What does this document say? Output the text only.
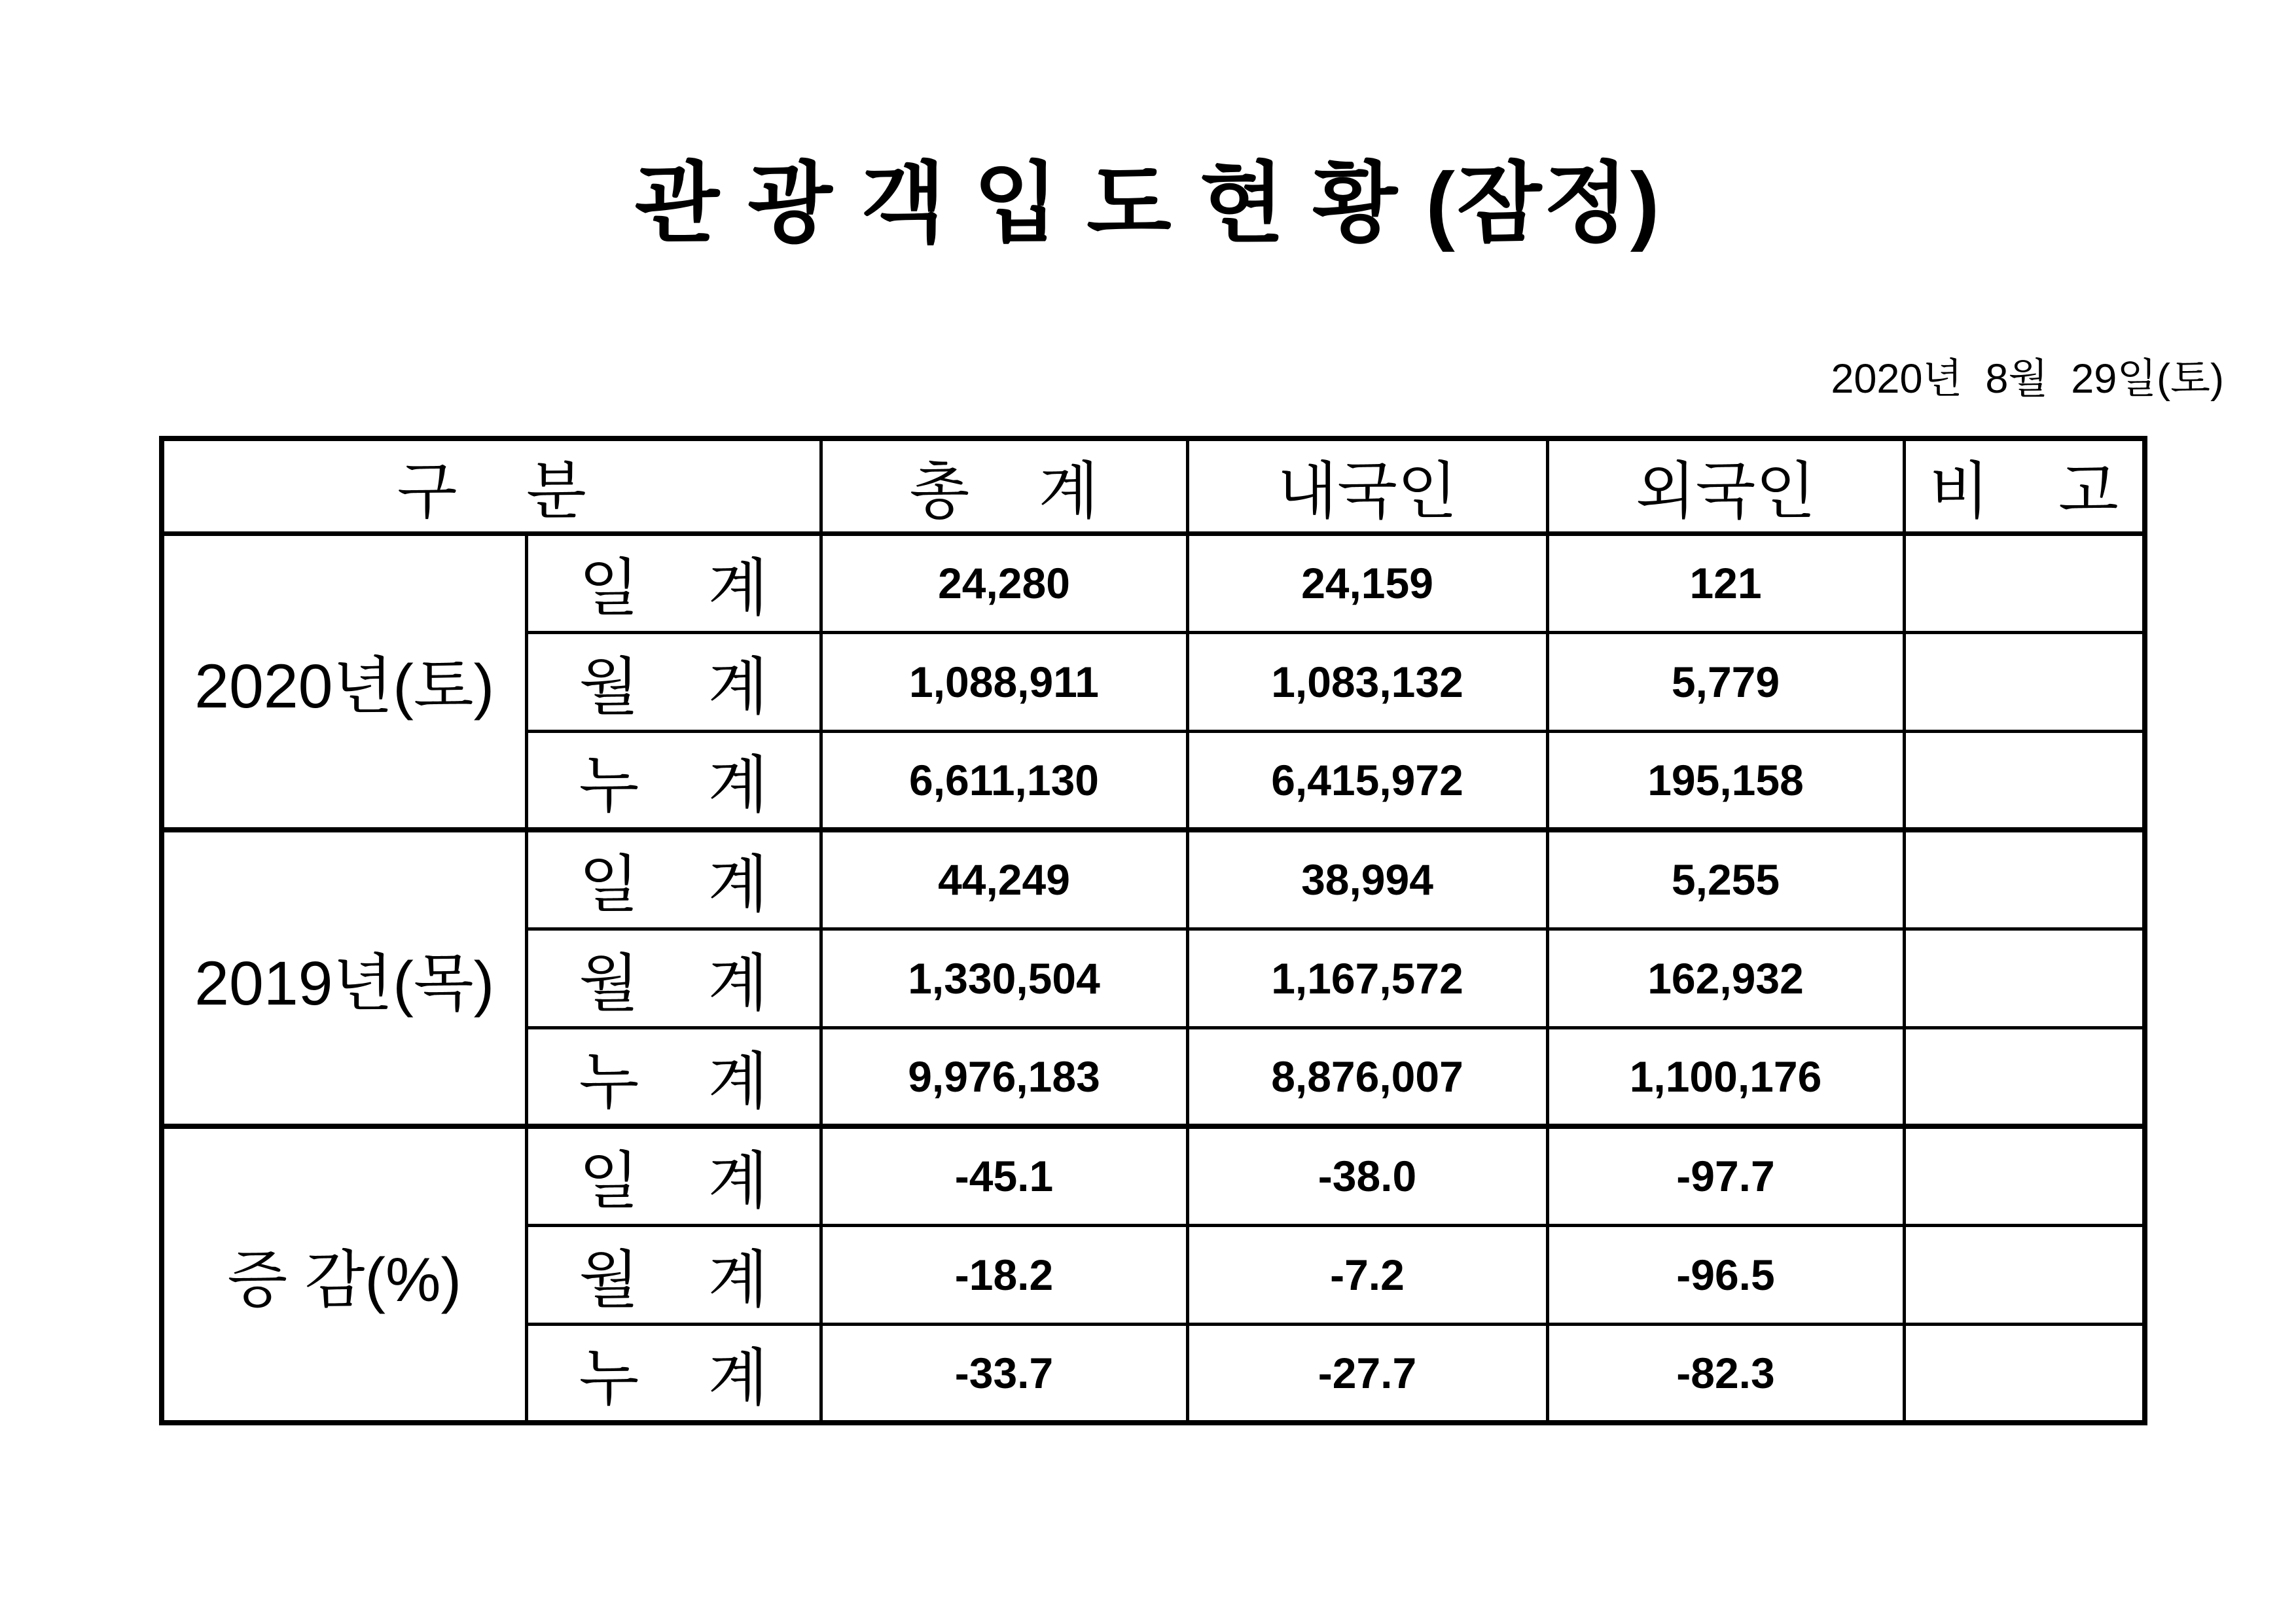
관 광 객 입 도 현 황 (잠정)
2020년  8월  29일(토)
구    분		총    계	내국인	외국인	비    고
2020년(토)	일    계	24,280	24,159	121	
	월    계	1,088,911	1,083,132	5,779	
	누    계	6,611,130	6,415,972	195,158	
2019년(목)	일    계	44,249	38,994	5,255	
	월    계	1,330,504	1,167,572	162,932	
	누    계	9,976,183	8,876,007	1,100,176	
증 감(%)	일    계	-45.1	-38.0	-97.7	
	월    계	-18.2	-7.2	-96.5	
	누    계	-33.7	-27.7	-82.3	
